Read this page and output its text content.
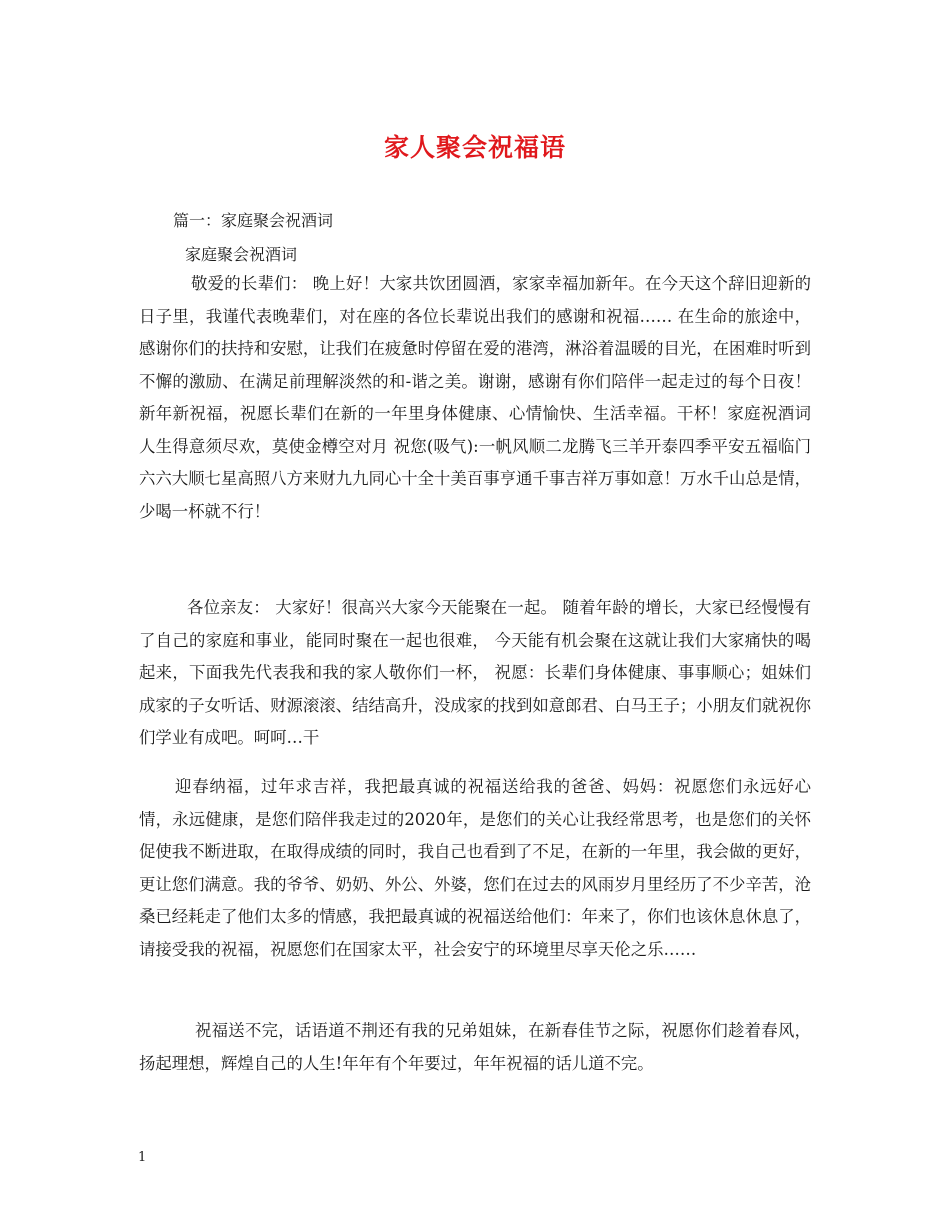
家人聚会祝福语
篇一：家庭聚会祝酒词
家庭聚会祝酒词
敬爱的长辈们： 晚上好！大家共饮团圆酒，家家幸福加新年。在今天这个辞旧迎新的日子里，我谨代表晚辈们，对在座的各位长辈说出我们的感谢和祝福…… 在生命的旅途中，感谢你们的扶持和安慰，让我们在疲惫时停留在爱的港湾，淋浴着温暖的目光，在困难时听到不懈的激励、在满足前理解淡然的和-谐之美。谢谢，感谢有你们陪伴一起走过的每个日夜！新年新祝福，祝愿长辈们在新的一年里身体健康、心情愉快、生活幸福。干杯！家庭祝酒词 人生得意须尽欢，莫使金樽空对月 祝您(吸气):一帆风顺二龙腾飞三羊开泰四季平安五福临门六六大顺七星高照八方来财九九同心十全十美百事亨通千事吉祥万事如意！万水千山总是情，少喝一杯就不行！
各位亲友： 大家好！很高兴大家今天能聚在一起。 随着年龄的增长，大家已经慢慢有了自己的家庭和事业，能同时聚在一起也很难， 今天能有机会聚在这就让我们大家痛快的喝起来，下面我先代表我和我的家人敬你们一杯， 祝愿：长辈们身体健康、事事顺心；姐妹们成家的子女听话、财源滚滚、结结高升，没成家的找到如意郎君、白马王子；小朋友们就祝你们学业有成吧。呵呵…干
迎春纳福，过年求吉祥，我把最真诚的祝福送给我的爸爸、妈妈：祝愿您们永远好心情，永远健康，是您们陪伴我走过的2020年，是您们的关心让我经常思考，也是您们的关怀促使我不断进取，在取得成绩的同时，我自己也看到了不足，在新的一年里，我会做的更好，更让您们满意。我的爷爷、奶奶、外公、外婆，您们在过去的风雨岁月里经历了不少辛苦，沧桑已经耗走了他们太多的情感，我把最真诚的祝福送给他们：年来了，你们也该休息休息了，请接受我的祝福，祝愿您们在国家太平，社会安宁的环境里尽享天伦之乐……
祝福送不完，话语道不荆还有我的兄弟姐妹，在新春佳节之际，祝愿你们趁着春风，扬起理想，辉煌自己的人生!年年有个年要过，年年祝福的话儿道不完。
1
